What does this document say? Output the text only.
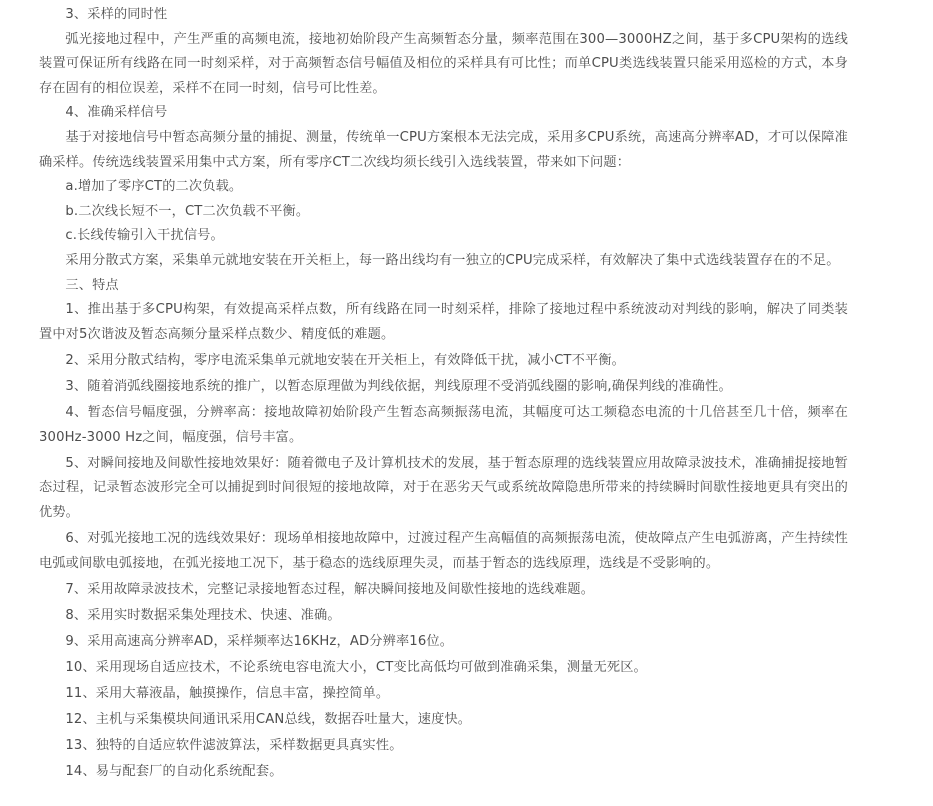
3、采样的同时性

弧光接地过程中，产生严重的高频电流，接地初始阶段产生高频暂态分量，频率范围在300—3000HZ之间，基于多CPU架构的选线装置可保证所有线路在同一时刻采样，对于高频暂态信号幅值及相位的采样具有可比性；而单CPU类选线装置只能采用巡检的方式，本身存在固有的相位误差，采样不在同一时刻，信号可比性差。

4、准确采样信号

基于对接地信号中暂态高频分量的捕捉、测量，传统单一CPU方案根本无法完成，采用多CPU系统，高速高分辨率AD，才可以保障准确采样。传统选线装置采用集中式方案，所有零序CT二次线均须长线引入选线装置，带来如下问题：

a.增加了零序CT的二次负载。

b.二次线长短不一，CT二次负载不平衡。

c.长线传输引入干扰信号。

采用分散式方案，采集单元就地安装在开关柜上，每一路出线均有一独立的CPU完成采样，有效解决了集中式选线装置存在的不足。

三、特点

1、推出基于多CPU构架，有效提高采样点数，所有线路在同一时刻采样，排除了接地过程中系统波动对判线的影响，解决了同类装置中对5次谐波及暂态高频分量采样点数少、精度低的难题。

2、采用分散式结构，零序电流采集单元就地安装在开关柜上，有效降低干扰，减小CT不平衡。

3、随着消弧线圈接地系统的推广，以暂态原理做为判线依据，判线原理不受消弧线圈的影响,确保判线的准确性。

4、暂态信号幅度强，分辨率高：接地故障初始阶段产生暂态高频振荡电流，其幅度可达工频稳态电流的十几倍甚至几十倍，频率在300Hz-3000 Hz之间，幅度强，信号丰富。

5、对瞬间接地及间歇性接地效果好：随着微电子及计算机技术的发展，基于暂态原理的选线装置应用故障录波技术，准确捕捉接地暂态过程，记录暂态波形完全可以捕捉到时间很短的接地故障，对于在恶劣天气或系统故障隐患所带来的持续瞬时间歇性接地更具有突出的优势。

6、对弧光接地工况的选线效果好：现场单相接地故障中，过渡过程产生高幅值的高频振荡电流，使故障点产生电弧游离，产生持续性电弧或间歇电弧接地，在弧光接地工况下，基于稳态的选线原理失灵，而基于暂态的选线原理，选线是不受影响的。

7、采用故障录波技术，完整记录接地暂态过程，解决瞬间接地及间歇性接地的选线难题。

8、采用实时数据采集处理技术、快速、准确。

9、采用高速高分辨率AD，采样频率达16KHz，AD分辨率16位。

10、采用现场自适应技术，不论系统电容电流大小，CT变比高低均可做到准确采集，测量无死区。

11、采用大幕液晶，触摸操作，信息丰富，操控简单。

12、主机与采集模块间通讯采用CAN总线，数据吞吐量大，速度快。

13、独特的自适应软件滤波算法，采样数据更具真实性。

14、易与配套厂的自动化系统配套。
